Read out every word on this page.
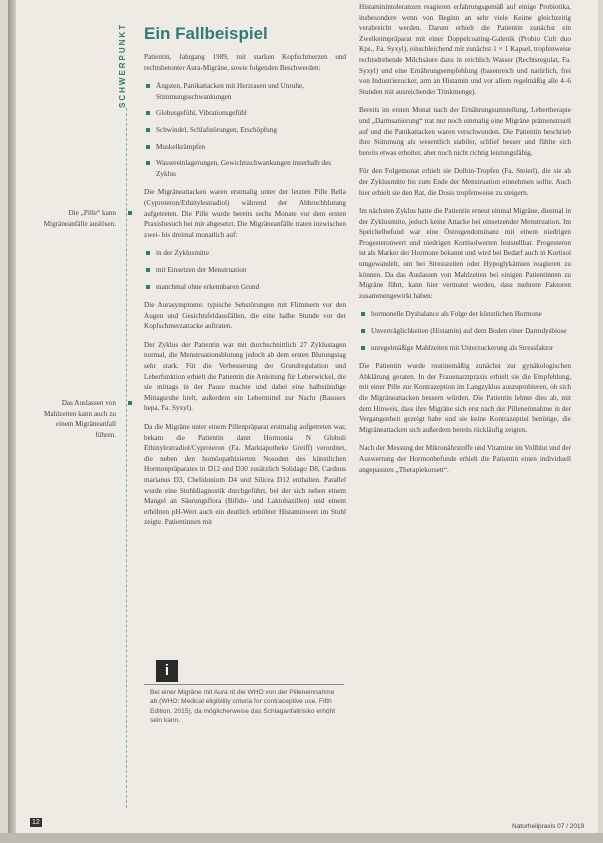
SCHWERPUNKT Ein Fallbeispiel
Die „Pille“ kann Migräneanfälle auslösen.
Das Auslassen von Mahlzeiten kann auch zu einem Migräneanfall führen.

Patientin, Jahrgang 1989, mit starken Kopfschmerzen und rechtsbetonter Aura-Migräne, sowie folgenden Beschwerden:

Ängsten, Panikattacken mit Herzrasen und Unruhe, Stimmungsschwankungen
Globusgefühl, Vibrationsgefühl
Schwindel, Schlafstörungen, Erschöpfung
Muskelkrämpfen
Wassereinlagerungen, Gewichtsschwankungen innerhalb des Zyklus

Die Migräneattacken waren erstmalig unter der letzten Pille Bella (Cyproteron/Ethinylestradiol) während der Abbruchblutung aufgetreten. Die Pille wurde bereits sechs Monate vor dem ersten Praxisbesuch bei mir abgesetzt. Die Migräneanfälle traten inzwischen zwei- bis dreimal monatlich auf:

in der Zyklusmitte
mit Einsetzen der Menstruation
manchmal ohne erkennbaren Grund

Die Aurasymptome: typische Sehstörungen mit Flimmern vor den Augen und Gesichtsfeldausfällen, die eine halbe Stunde vor der Kopfschmerzattacke auftraten.

Der Zyklus der Patientin war mit durchschnittlich 27 Zyklustagen normal, die Menstruationsblutung jedoch ab dem ersten Blutungstag sehr stark. Für die Verbesserung der Grundregulation und Leberfunktion erhielt die Patientin die Anleitung für Leberwickel, die sie mittags in der Pause machte und dabei eine halbstündige Mittagsruhe hielt, außerdem ein Lebermittel zur Nacht (Basosex hepa, Fa. Syxyl).

Da die Migräne unter einem Pillenpräparat erstmalig aufgetreten war, bekam die Patientin dann Hormonia N Globuli Ethinylestradiol/Cyproteron (Fa. Marktapotheke Greiff) verordnet, die neben den homöopathisierten Nosoden des künstlichen Hormonpräparates in D12 und D30 zusätzlich Solidago D8, Carduus marianus D3, Chelidonium D4 und Silicea D12 enthalten. Parallel wurde eine Stuhldiagnostik durchgeführt, bei der sich neben einem Mangel an Säurungsflora (Bifido- und Laktobazillen) und einem erhöhten pH-Wert auch ein deutlich erhöhter Histaminwert im Stuhl zeigte. Patientinnen mit

i
Bei einer Migräne mit Aura rit die WHO von der Pilleneinnahme ab (WHO: Medical eligibility criteria for contraceptive use. Fifth Edition, 2015), da möglicherweise das Schlaganfallrisiko erhöht sein kann.

Histaminintoleranzen reagieren erfahrungsgemäß auf einige Probiotika, insbesondere wenn von Beginn an sehr viele Keime gleichzeitig verabreicht werden. Darum erhielt die Patientin zunächst ein Zweikeimpräparat mit einer Doppelcoating-Galenik (Probio Cult duo Kps., Fa. Syxyl), einschleichend mit zunächst 1 × 1 Kapsel, tropfenweise rechtsdrehende Milchsäure dazu in reichlich Wasser (Rechtsregulat, Fa. Syxyl) und eine Ernährungsempfehlung (basenreich und natürlich, frei von Industriezucker, arm an Histamin und vor allem regelmäßig alle 4–6 Stunden mit ausreichender Trinkmenge).

Bereits im ersten Monat nach der Ernährungsumstellung, Lebertherapie und „Darmsanierung“ trat nur noch einmalig eine Migräne prämenstruell auf und die Panikattacken waren verschwunden. Die Patientin beschrieb ihre Stimmung als wesentlich stabiler, schlief besser und fühlte sich bereits etwas erholter, aber noch nicht richtig leistungsfähig.

Für den Folgemonat erhielt sie Dolbin-Tropfen (Fa. Steierl), die sie ab der Zyklusmitte bis zum Ende der Menstruation einnehmen sollte. Auch hier erhielt sie den Rat, die Dosis tropfenweise zu steigern.

Im nächsten Zyklus hatte die Patientin erneut einmal Migräne, diesmal in der Zyklusmitte, jedoch keine Attacke bei einsetzender Menstruation. Im Speichelbefund war eine Östrogendominanz mit einem niedrigen Progesteronwert und niedrigen Kortisolwerten feststellbar. Progesteron ist als Marker der Hormone bekannt und wird bei Bedarf auch in Kortisol umgewandelt, um bei Stresszeiten oder Hypoglykämien reagieren zu können. Da das Auslassen von Mahlzeiten bei einigen Patientinnen zu Migräne führt, kann hier vermutet werden, dass mehrere Faktoren zusammengewirkt haben:

hormonelle Dysbalance als Folge der künstlichen Hormone
Unverträglichkeiten (Histamin) auf dem Boden einer Darmdysbiose
unregelmäßige Mahlzeiten mit Unterzuckerung als Stressfaktor

Die Patientin wurde routinemäßig zunächst zur gynäkologischen Abklärung geraten. In der Frauenarztpraxis erhielt sie die Empfehlung, mit einer Pille zur Kontrazeption im Langzyklus auszuprobieren, ob sich die Migräneattacken bessern würden. Die Patientin lehnte dies ab, mit dem Hinweis, dass ihre Migräne sich erst nach der Pilleneinnahme in der Vergangenheit gezeigt habe und sie keine Kontrazeptiei benötige, die Migräneattacken sich außerdem bereits rückläufig zeigten.

Nach der Messung der Mikronährstoffe und Vitamine im Vollblut und der Auswertung der Hormonbefunde erhielt die Patientin einen individuell angepassten „Therapiekorsett“.

12
Naturheilpraxis 07 / 2019
